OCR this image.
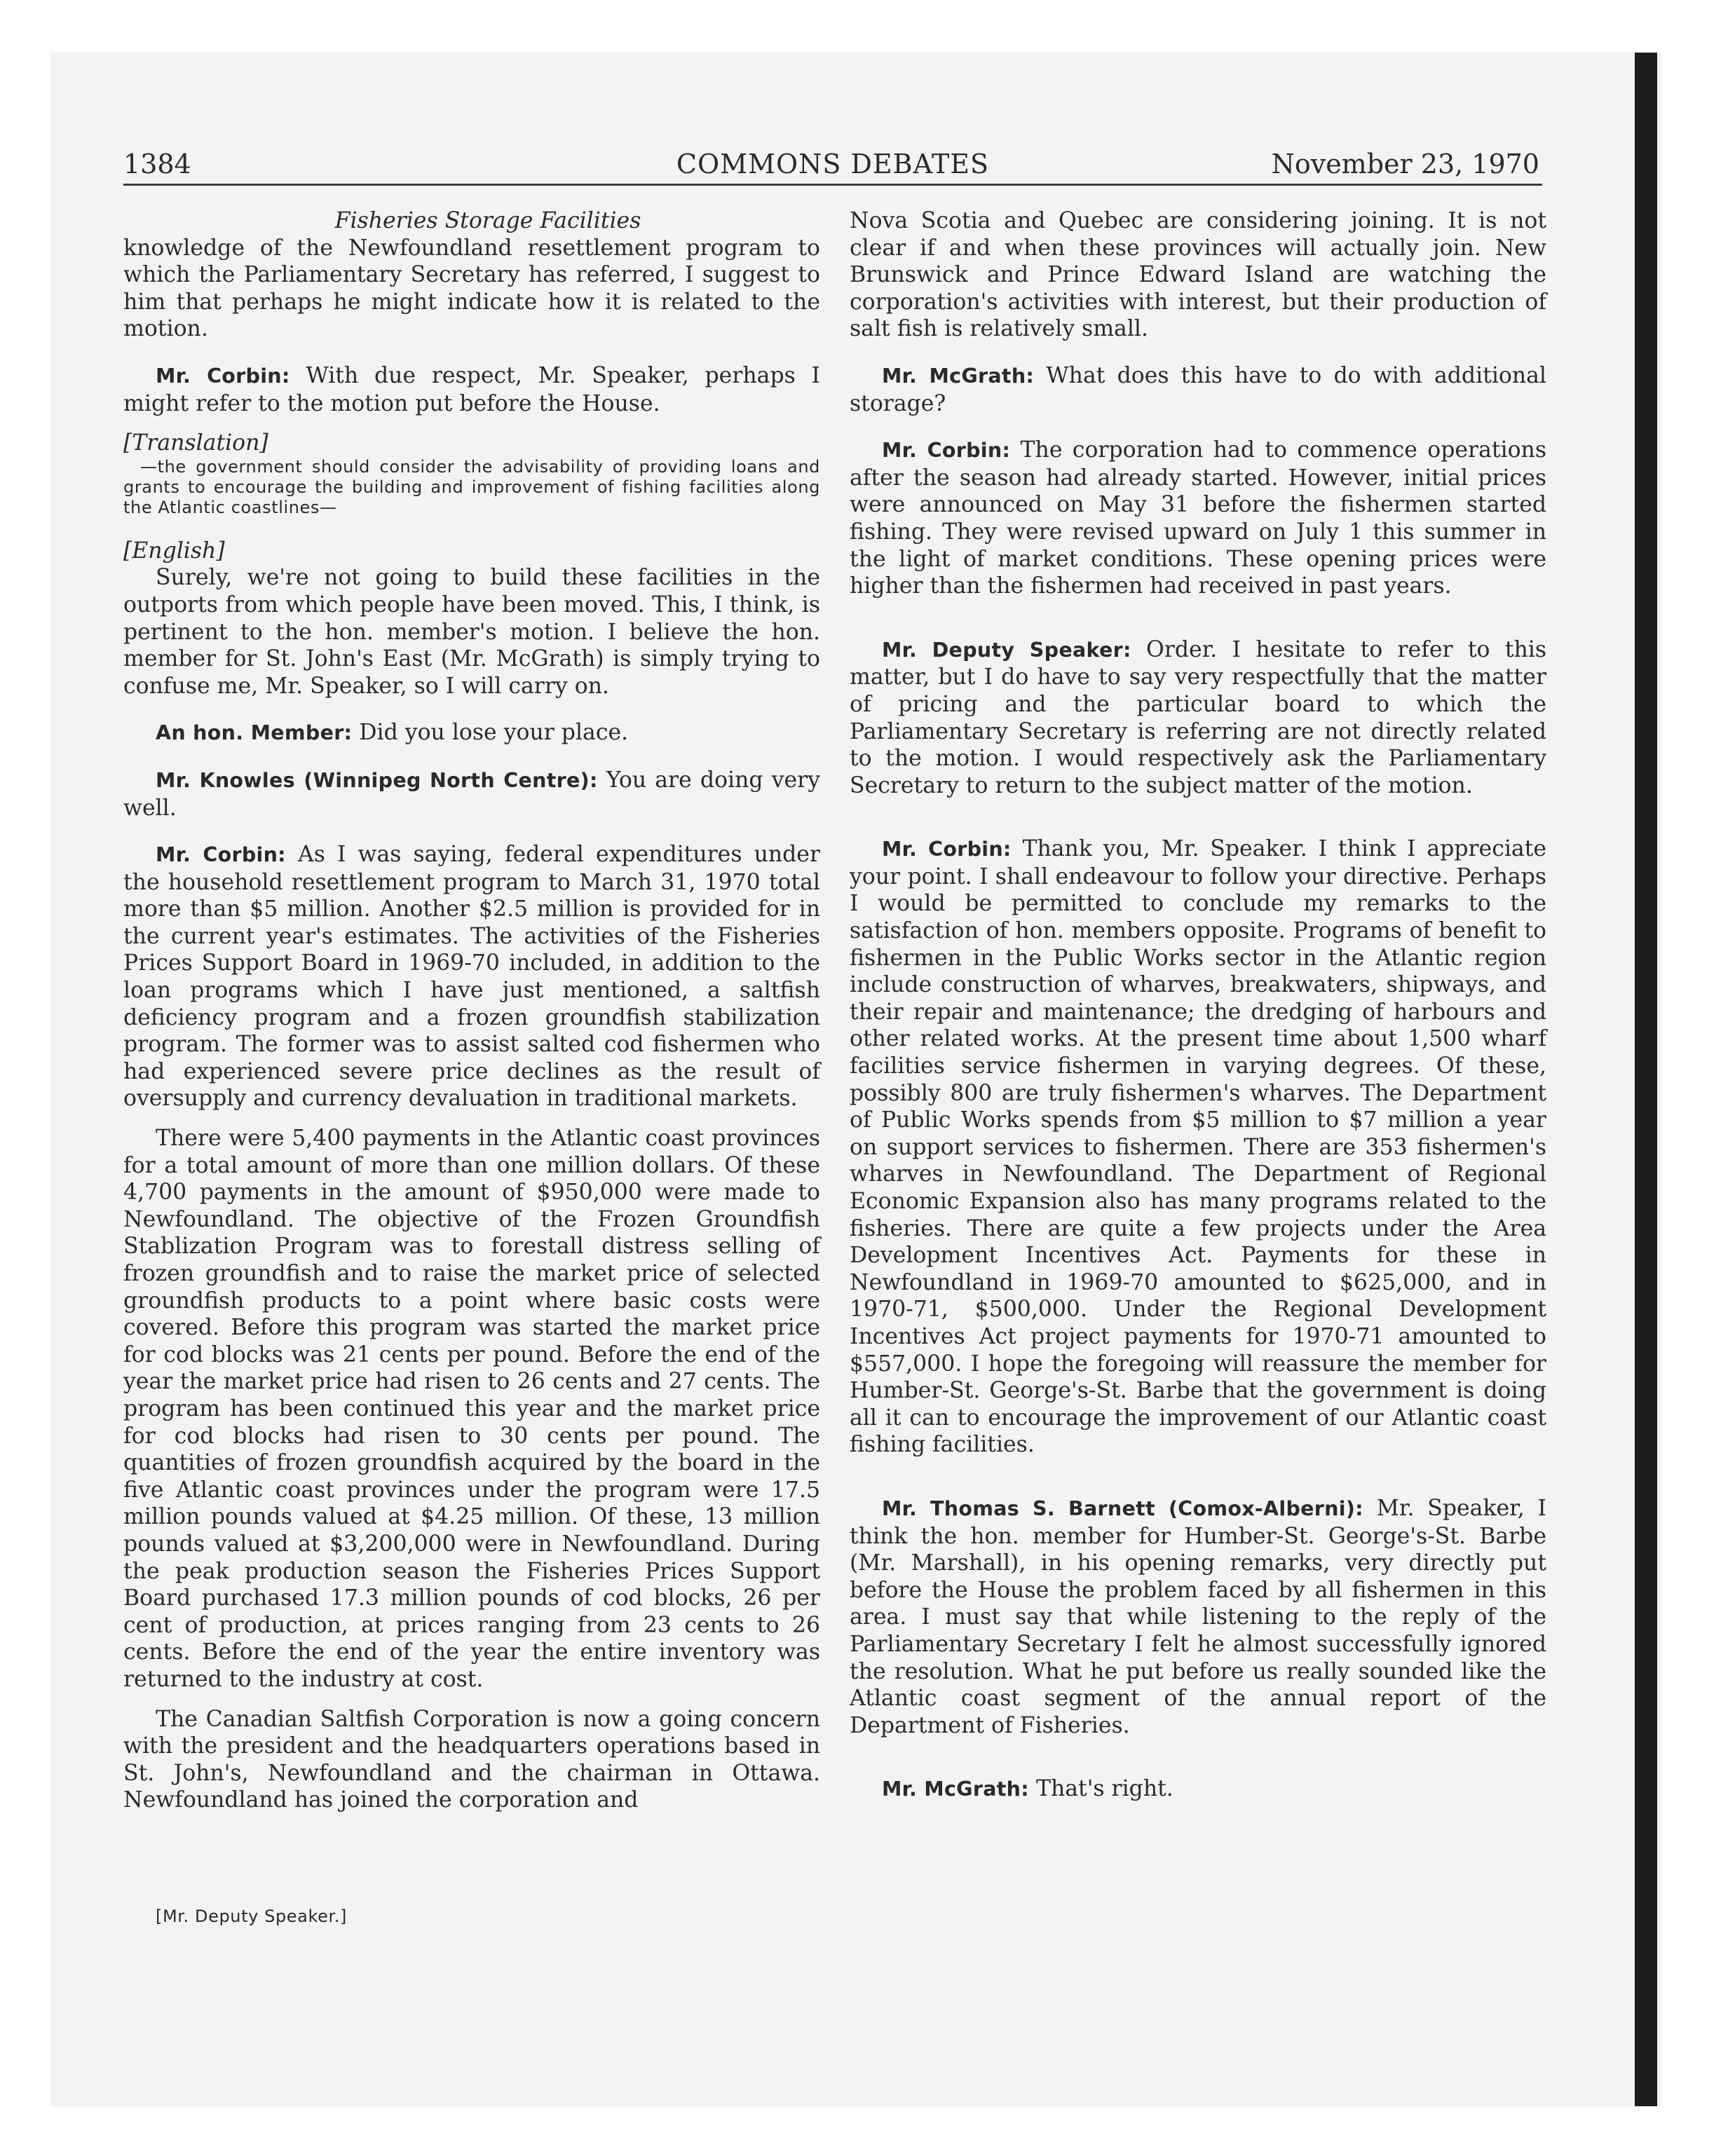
1384	COMMONS DEBATES	November 23, 1970

Fisheries Storage Facilities

knowledge of the Newfoundland resettlement program to which the Parliamentary Secretary has referred, I suggest to him that perhaps he might indicate how it is related to the motion.

Mr. Corbin: With due respect, Mr. Speaker, perhaps I might refer to the motion put before the House.

[Translation]

—the government should consider the advisability of providing loans and grants to encourage the building and improvement of fishing facilities along the Atlantic coastlines—

[English]

Surely, we're not going to build these facilities in the outports from which people have been moved. This, I think, is pertinent to the hon. member's motion. I believe the hon. member for St. John's East (Mr. McGrath) is simply trying to confuse me, Mr. Speaker, so I will carry on.

An hon. Member: Did you lose your place.

Mr. Knowles (Winnipeg North Centre): You are doing very well.

Mr. Corbin: As I was saying, federal expenditures under the household resettlement program to March 31, 1970 total more than $5 million. Another $2.5 million is provided for in the current year's estimates. The activities of the Fisheries Prices Support Board in 1969-70 included, in addition to the loan programs which I have just mentioned, a saltfish deficiency program and a frozen groundfish stabilization program. The former was to assist salted cod fishermen who had experienced severe price declines as the result of oversupply and currency devaluation in traditional markets.

There were 5,400 payments in the Atlantic coast provinces for a total amount of more than one million dollars. Of these 4,700 payments in the amount of $950,000 were made to Newfoundland. The objective of the Frozen Groundfish Stablization Program was to forestall distress selling of frozen groundfish and to raise the market price of selected groundfish products to a point where basic costs were covered. Before this program was started the market price for cod blocks was 21 cents per pound. Before the end of the year the market price had risen to 26 cents and 27 cents. The program has been continued this year and the market price for cod blocks had risen to 30 cents per pound. The quantities of frozen groundfish acquired by the board in the five Atlantic coast provinces under the program were 17.5 million pounds valued at $4.25 million. Of these, 13 million pounds valued at $3,200,000 were in Newfoundland. During the peak production season the Fisheries Prices Support Board purchased 17.3 million pounds of cod blocks, 26 per cent of production, at prices ranging from 23 cents to 26 cents. Before the end of the year the entire inventory was returned to the industry at cost.

The Canadian Saltfish Corporation is now a going concern with the president and the headquarters operations based in St. John's, Newfoundland and the chairman in Ottawa. Newfoundland has joined the corporation and

[Mr. Deputy Speaker.]

Nova Scotia and Quebec are considering joining. It is not clear if and when these provinces will actually join. New Brunswick and Prince Edward Island are watching the corporation's activities with interest, but their production of salt fish is relatively small.

Mr. McGrath: What does this have to do with additional storage?

Mr. Corbin: The corporation had to commence operations after the season had already started. However, initial prices were announced on May 31 before the fishermen started fishing. They were revised upward on July 1 this summer in the light of market conditions. These opening prices were higher than the fishermen had received in past years.

Mr. Deputy Speaker: Order. I hesitate to refer to this matter, but I do have to say very respectfully that the matter of pricing and the particular board to which the Parliamentary Secretary is referring are not directly related to the motion. I would respectively ask the Parliamentary Secretary to return to the subject matter of the motion.

Mr. Corbin: Thank you, Mr. Speaker. I think I appreciate your point. I shall endeavour to follow your directive. Perhaps I would be permitted to conclude my remarks to the satisfaction of hon. members opposite. Programs of benefit to fishermen in the Public Works sector in the Atlantic region include construction of wharves, breakwaters, shipways, and their repair and maintenance; the dredging of harbours and other related works. At the present time about 1,500 wharf facilities service fishermen in varying degrees. Of these, possibly 800 are truly fishermen's wharves. The Department of Public Works spends from $5 million to $7 million a year on support services to fishermen. There are 353 fishermen's wharves in Newfoundland. The Department of Regional Economic Expansion also has many programs related to the fisheries. There are quite a few projects under the Area Development Incentives Act. Payments for these in Newfoundland in 1969-70 amounted to $625,000, and in 1970-71, $500,000. Under the Regional Development Incentives Act project payments for 1970-71 amounted to $557,000. I hope the foregoing will reassure the member for Humber-St. George's-St. Barbe that the government is doing all it can to encourage the improvement of our Atlantic coast fishing facilities.

Mr. Thomas S. Barnett (Comox-Alberni): Mr. Speaker, I think the hon. member for Humber-St. George's-St. Barbe (Mr. Marshall), in his opening remarks, very directly put before the House the problem faced by all fishermen in this area. I must say that while listening to the reply of the Parliamentary Secretary I felt he almost successfully ignored the resolution. What he put before us really sounded like the Atlantic coast segment of the annual report of the Department of Fisheries.

Mr. McGrath: That's right.
